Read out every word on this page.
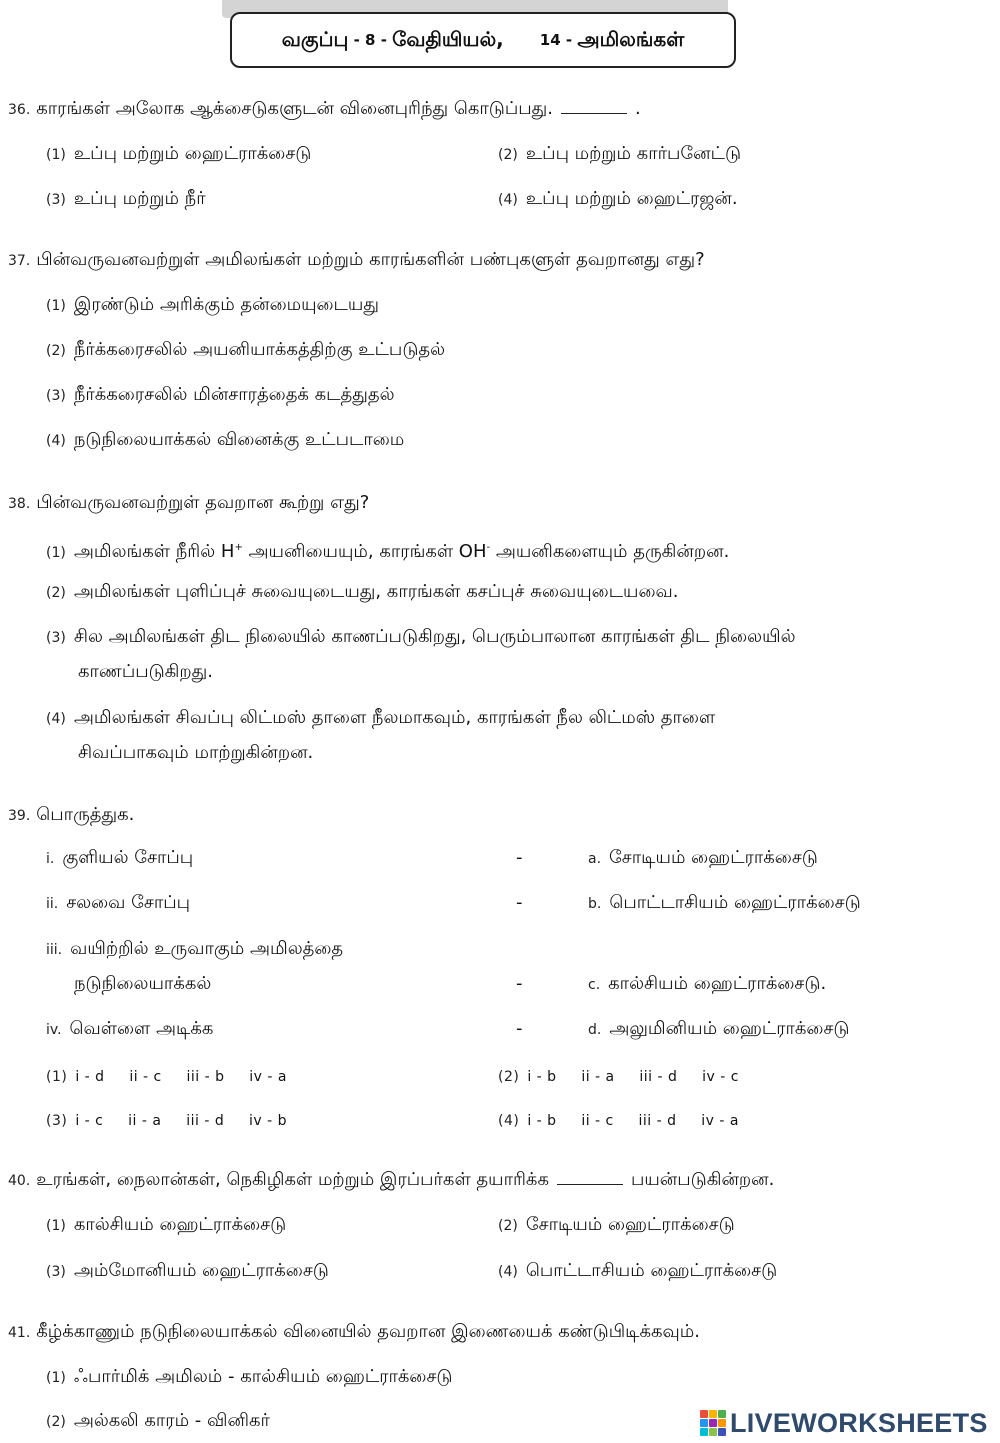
வகுப்பு - 8 - வேதியியல், 14 - அமிலங்கள்
36. காரங்கள் அலோக ஆக்சைடுகளுடன் வினைபுரிந்து கொடுப்பது.	.
(1) உப்பு மற்றும் ஹைட்ராக்சைடு	(2) உப்பு மற்றும் கார்பனேட்டு
(3) உப்பு மற்றும் நீர்	(4) உப்பு மற்றும் ஹைட்ரஜன்.
37. பின்வருவனவற்றுள் அமிலங்கள் மற்றும் காரங்களின் பண்புகளுள் தவறானது எது?
(1) இரண்டும் அரிக்கும் தன்மையுடையது
(2) நீர்க்கரைசலில் அயனியாக்கத்திற்கு உட்படுதல்
(3) நீர்க்கரைசலில் மின்சாரத்தைக் கடத்துதல்
(4) நடுநிலையாக்கல் வினைக்கு உட்படாமை
38. பின்வருவனவற்றுள் தவறான கூற்று எது?
(1) அமிலங்கள் நீரில் H+ அயனியையும், காரங்கள் OH- அயனிகளையும் தருகின்றன.
(2) அமிலங்கள் புளிப்புச் சுவையுடையது, காரங்கள் கசப்புச் சுவையுடையவை.
(3) சில அமிலங்கள் திட நிலையில் காணப்படுகிறது, பெரும்பாலான காரங்கள் திட நிலையில்
காணப்படுகிறது.
(4) அமிலங்கள் சிவப்பு லிட்மஸ் தாளை நீலமாகவும், காரங்கள் நீல லிட்மஸ் தாளை
சிவப்பாகவும் மாற்றுகின்றன.
39. பொருத்துக.
i. குளியல் சோப்பு	-	a. சோடியம் ஹைட்ராக்சைடு
ii. சலவை சோப்பு	-	b. பொட்டாசியம் ஹைட்ராக்சைடு
iii. வயிற்றில் உருவாகும் அமிலத்தை
நடுநிலையாக்கல்	-	c. கால்சியம் ஹைட்ராக்சைடு.
iv. வெள்ளை அடிக்க	-	d. அலுமினியம் ஹைட்ராக்சைடு
(1) i - d     ii - c     iii - b     iv - a	(2) i - b     ii - a     iii - d     iv - c
(3) i - c     ii - a     iii - d     iv - b	(4) i - b     ii - c     iii - d     iv - a
40. உரங்கள், நைலான்கள், நெகிழிகள் மற்றும் இரப்பர்கள் தயாரிக்க	பயன்படுகின்றன.
(1) கால்சியம் ஹைட்ராக்சைடு	(2) சோடியம் ஹைட்ராக்சைடு
(3) அம்மோனியம் ஹைட்ராக்சைடு	(4) பொட்டாசியம் ஹைட்ராக்சைடு
41. கீழ்க்காணும் நடுநிலையாக்கல் வினையில் தவறான இணையைக் கண்டுபிடிக்கவும்.
(1) ஃபார்மிக் அமிலம் - கால்சியம் ஹைட்ராக்சைடு
(2) அல்கலி காரம் - வினிகர்	LIVEWORKSHEETS
